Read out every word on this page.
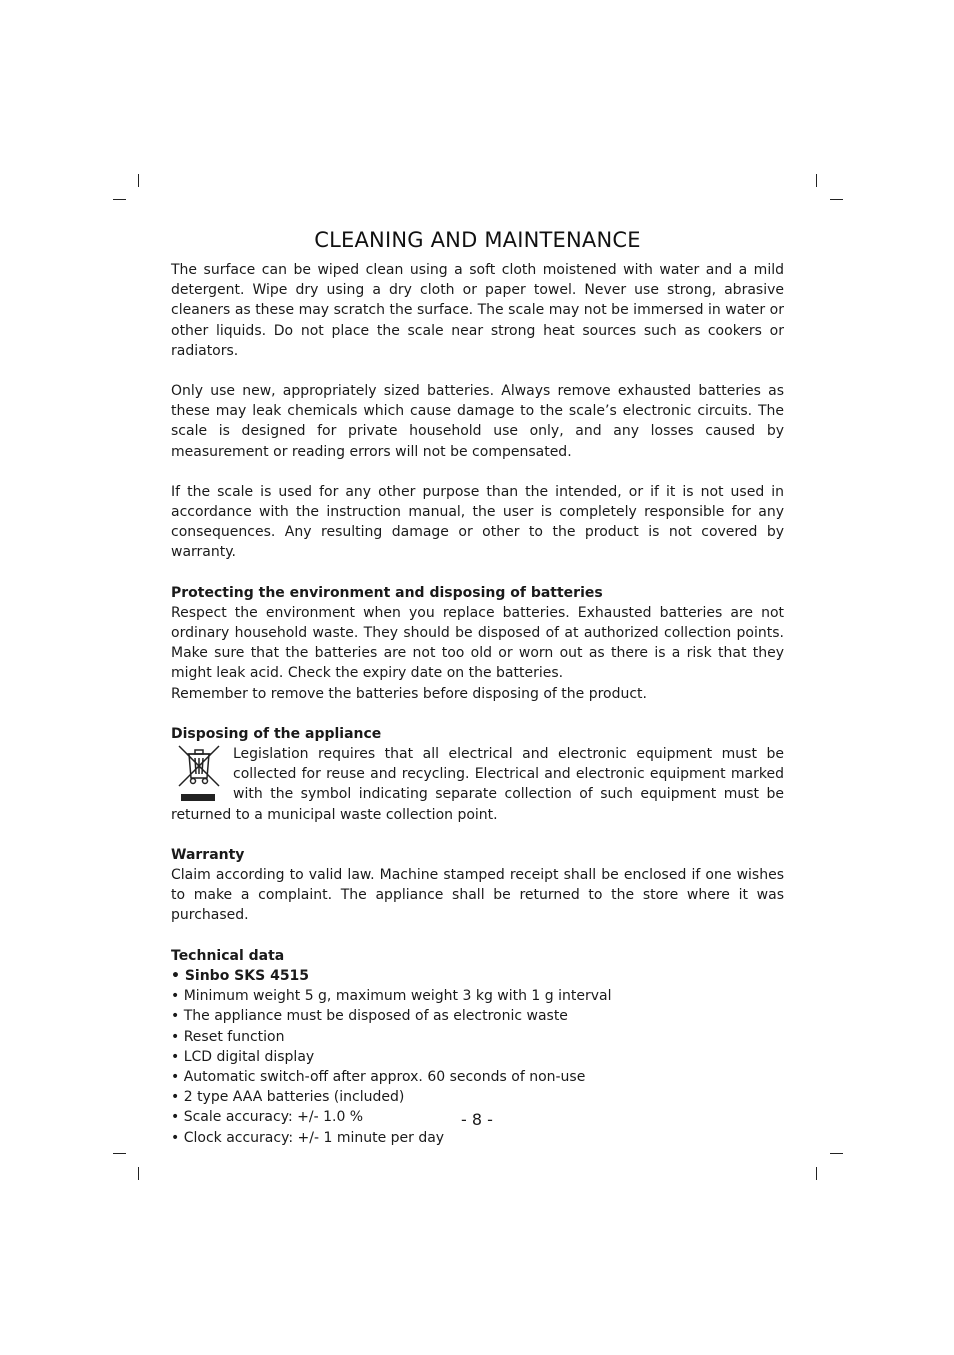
CLEANING AND MAINTENANCE

The surface can be wiped clean using a soft cloth moistened with water and a mild detergent. Wipe dry using a dry cloth or paper towel. Never use strong, abrasive cleaners as these may scratch the surface. The scale may not be immersed in water or other liquids. Do not place the scale near strong heat sources such as cookers or radiators.

Only use new, appropriately sized batteries. Always remove exhausted batteries as these may leak chemicals which cause damage to the scale’s electronic circuits. The scale is designed for private household use only, and any losses caused by measurement or reading errors will not be compensated.

If the scale is used for any other purpose than the intended, or if it is not used in accordance with the instruction manual, the user is completely responsible for any consequences. Any resulting damage or other to the product is not covered by warranty.

Protecting the environment and disposing of batteries

Respect the environment when you replace batteries. Exhausted batteries are not ordinary household waste. They should be disposed of at authorized collection points. Make sure that the batteries are not too old or worn out as there is a risk that they might leak acid. Check the expiry date on the batteries.

Remember to remove the batteries before disposing of the product.

Disposing of the appliance

Legislation requires that all electrical and electronic equipment must be collected for reuse and recycling. Electrical and electronic equipment marked with the symbol indicating separate collection of such equipment must be returned to a municipal waste collection point.

Warranty

Claim according to valid law. Machine stamped receipt shall be enclosed if one wishes to make a complaint. The appliance shall be returned to the store where it was purchased.

Technical data
• Sinbo SKS 4515
• Minimum weight 5 g, maximum weight 3 kg with 1 g interval
• The appliance must be disposed of as electronic waste
• Reset function
• LCD digital display
• Automatic switch-off after approx. 60 seconds of non-use
• 2 type AAA batteries (included)
• Scale accuracy: +/- 1.0 %
• Clock accuracy: +/- 1 minute per day
- 8 -
